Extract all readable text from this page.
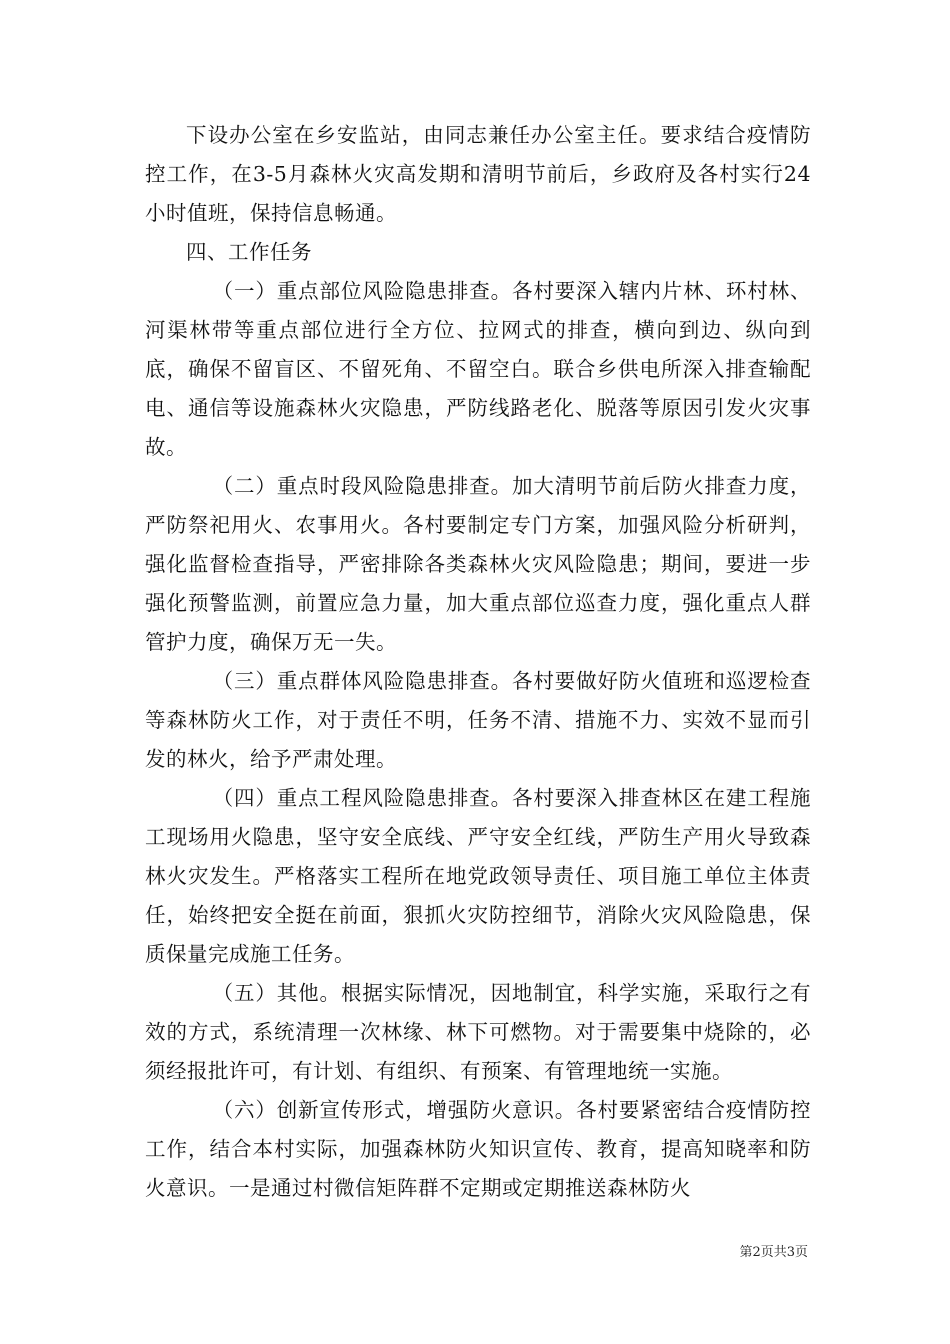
下设办公室在乡安监站，由同志兼任办公室主任。要求结合疫情防控工作，在3-5月森林火灾高发期和清明节前后，乡政府及各村实行24小时值班，保持信息畅通。

四、工作任务

（一）重点部位风险隐患排查。各村要深入辖内片林、环村林、河渠林带等重点部位进行全方位、拉网式的排查，横向到边、纵向到底，确保不留盲区、不留死角、不留空白。联合乡供电所深入排查输配电、通信等设施森林火灾隐患，严防线路老化、脱落等原因引发火灾事故。

（二）重点时段风险隐患排查。加大清明节前后防火排查力度，严防祭祀用火、农事用火。各村要制定专门方案，加强风险分析研判，强化监督检查指导，严密排除各类森林火灾风险隐患；期间，要进一步强化预警监测，前置应急力量，加大重点部位巡查力度，强化重点人群管护力度，确保万无一失。

（三）重点群体风险隐患排查。各村要做好防火值班和巡逻检查等森林防火工作，对于责任不明，任务不清、措施不力、实效不显而引发的林火，给予严肃处理。

（四）重点工程风险隐患排查。各村要深入排查林区在建工程施工现场用火隐患，坚守安全底线、严守安全红线，严防生产用火导致森林火灾发生。严格落实工程所在地党政领导责任、项目施工单位主体责任，始终把安全挺在前面，狠抓火灾防控细节，消除火灾风险隐患，保质保量完成施工任务。

（五）其他。根据实际情况，因地制宜，科学实施，采取行之有效的方式，系统清理一次林缘、林下可燃物。对于需要集中烧除的，必须经报批许可，有计划、有组织、有预案、有管理地统一实施。

（六）创新宣传形式，增强防火意识。各村要紧密结合疫情防控工作，结合本村实际，加强森林防火知识宣传、教育，提高知晓率和防火意识。一是通过村微信矩阵群不定期或定期推送森林防火

第2页共3页
